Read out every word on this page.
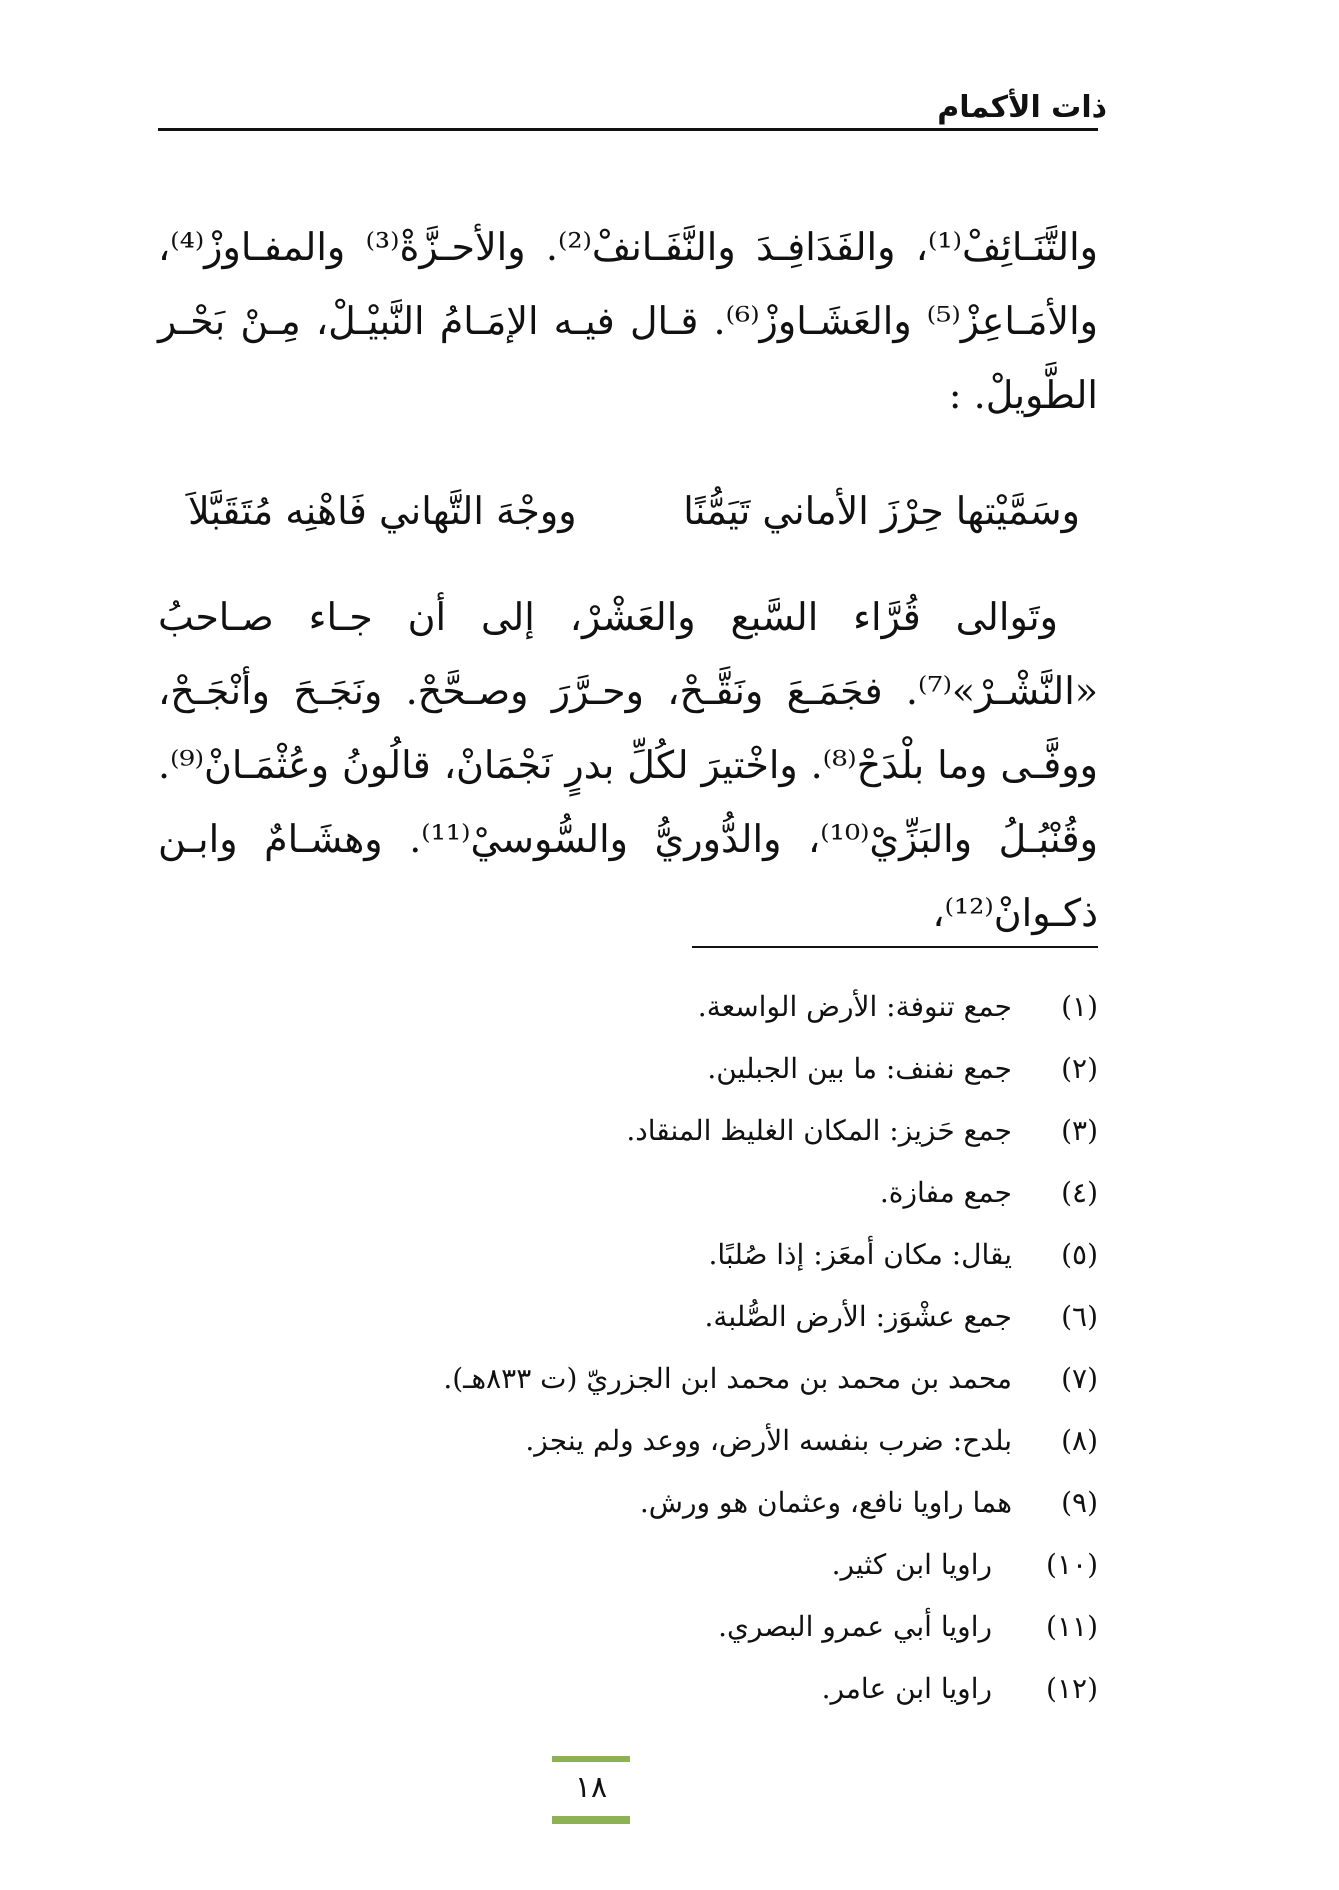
ذات الأكمام

والتَّنَـائِفْ⁽¹⁾، والفَدَافِـدَ والنَّفَـانفْ⁽²⁾. والأحـزَّةْ⁽³⁾ والمفـاوزْ⁽⁴⁾، والأمَـاعِزْ⁽⁵⁾ والعَشَـاوزْ⁽⁶⁾. قـال فيـه الإمَـامُ النَّبيْـلْ، مِـنْ بَحْـر الطَّويلْ. :

وسَمَّيْتها حِرْزَ الأماني تَيَمُّنًا
ووجْهَ التَّهاني فَاهْنِه مُتَقَبَّلاَ

وتَوالى قُرَّاء السَّبع والعَشْرْ، إلى أن جـاء صـاحبُ «النَّشْـرْ»⁽⁷⁾. فجَمَـعَ ونَقَّـحْ، وحـرَّرَ وصـحَّحْ. ونَجَـحَ وأنْجَـحْ، ووفَّـى وما بلْدَحْ⁽⁸⁾. واخْتيرَ لكُلِّ بدرٍ نَجْمَانْ، قالُونُ وعُثْمَـانْ⁽⁹⁾. وقُنْبُـلُ والبَزِّيْ⁽¹⁰⁾، والدُّوريُّ والسُّوسيْ⁽¹¹⁾. وهشَـامٌ وابـن ذكـوانْ⁽¹²⁾،

(١)
جمع تنوفة: الأرض الواسعة.
(٢)
جمع نفنف: ما بين الجبلين.
(٣)
جمع حَزيز: المكان الغليظ المنقاد.
(٤)
جمع مفازة.
(٥)
يقال: مكان أمعَز: إذا صُلبًا.
(٦)
جمع عشْوَز: الأرض الصُّلبة.
(٧)
محمد بن محمد بن محمد ابن الجزريّ (ت ٨٣٣هـ).
(٨)
بلدح: ضرب بنفسه الأرض، ووعد ولم ينجز.
(٩)
هما راويا نافع، وعثمان هو ورش.
(١٠)
راويا ابن كثير.
(١١)
راويا أبي عمرو البصري.
(١٢)
راويا ابن عامر.
١٨
